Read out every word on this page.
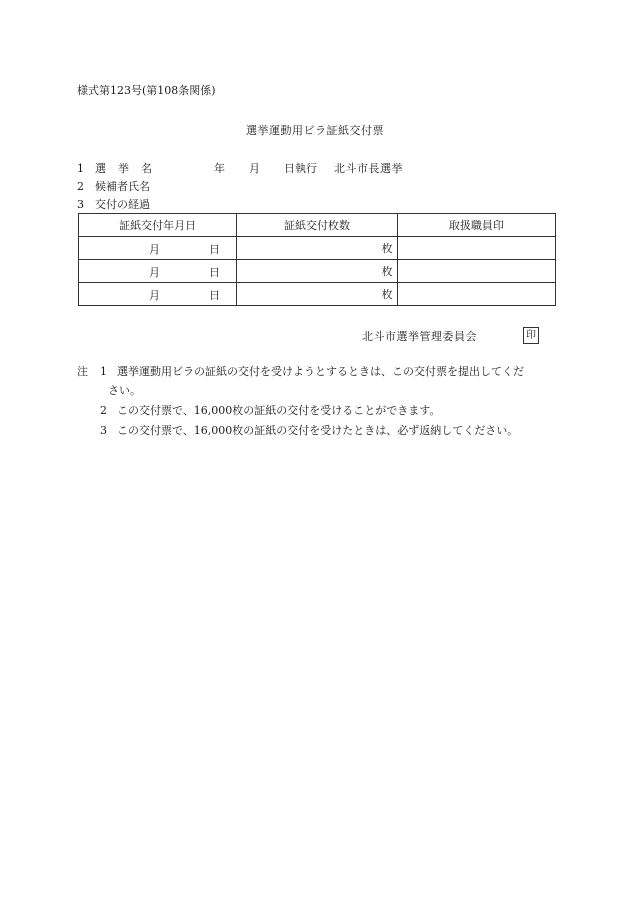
様式第123号(第108条関係)
選挙運動用ビラ証紙交付票
1 選挙名	年 月 日執行 北斗市長選挙
2 候補者氏名
3 交付の経過
証紙交付年月日	証紙交付枚数	取扱職員印

月 日	枚	

月 日	枚	

月 日	枚	
北斗市選挙管理委員会	印
注 1 選挙運動用ビラの証紙の交付を受けようとするときは、この交付票を提出してくだ
さい。
2 この交付票で、16,000枚の証紙の交付を受けることができます。
3 この交付票で、16,000枚の証紙の交付を受けたときは、必ず返納してください。
